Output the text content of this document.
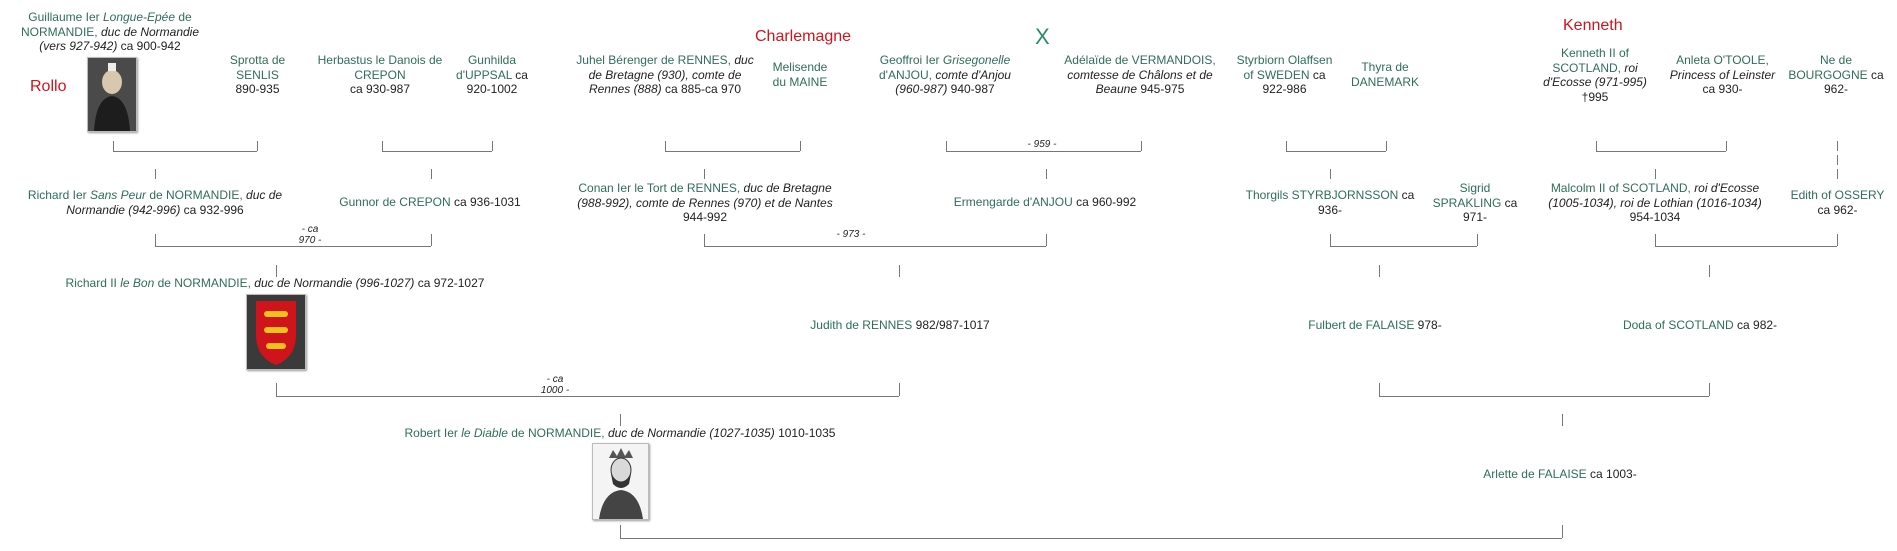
Rollo
Charlemagne	X	Kenneth
Guillaume Ier Longue-Epée de NORMANDIE, duc de Normandie (vers 927-942) ca 900-942
Sprotta de SENLIS
890-935
Herbastus le Danois de CREPON
ca 930-987
Gunhilda d'UPPSAL ca 920-1002
Juhel Bérenger de RENNES, duc de Bretagne (930), comte de Rennes (888) ca 885-ca 970
Melisende du MAINE
Geoffroi Ier Grisegonelle d'ANJOU, comte d'Anjou (960-987) 940-987
Adélaïde de VERMANDOIS, comtesse de Châlons et de Beaune 945-975
Styrbiorn Olaffsen of SWEDEN ca 922-986
Thyra de DANEMARK
Kenneth II of SCOTLAND, roi d'Ecosse (971-995)
†995
Anleta O'TOOLE, Princess of Leinster ca 930-
Ne de BOURGOGNE ca 962-
- 959 -
Richard Ier Sans Peur de NORMANDIE, duc de Normandie (942-996) ca 932-996
Gunnor de CREPON ca 936-1031
Conan Ier le Tort de RENNES, duc de Bretagne (988-992), comte de Rennes (970) et de Nantes
944-992
Ermengarde d'ANJOU ca 960-992	Thorgils STYRBJORNSSON ca 936-
Sigrid SPRAKLING ca 971-
Malcolm II of SCOTLAND, roi d'Ecosse (1005-1034), roi de Lothian (1016-1034)
954-1034
Edith of OSSERY
ca 962-
- ca
970 -
- 973 -
Richard II le Bon de NORMANDIE, duc de Normandie (996-1027) ca 972-1027
Judith de RENNES 982/987-1017	Fulbert de FALAISE 978-	Doda of SCOTLAND ca 982-
- ca
1000 -
Robert Ier le Diable de NORMANDIE, duc de Normandie (1027-1035) 1010-1035
Arlette de FALAISE ca 1003-
